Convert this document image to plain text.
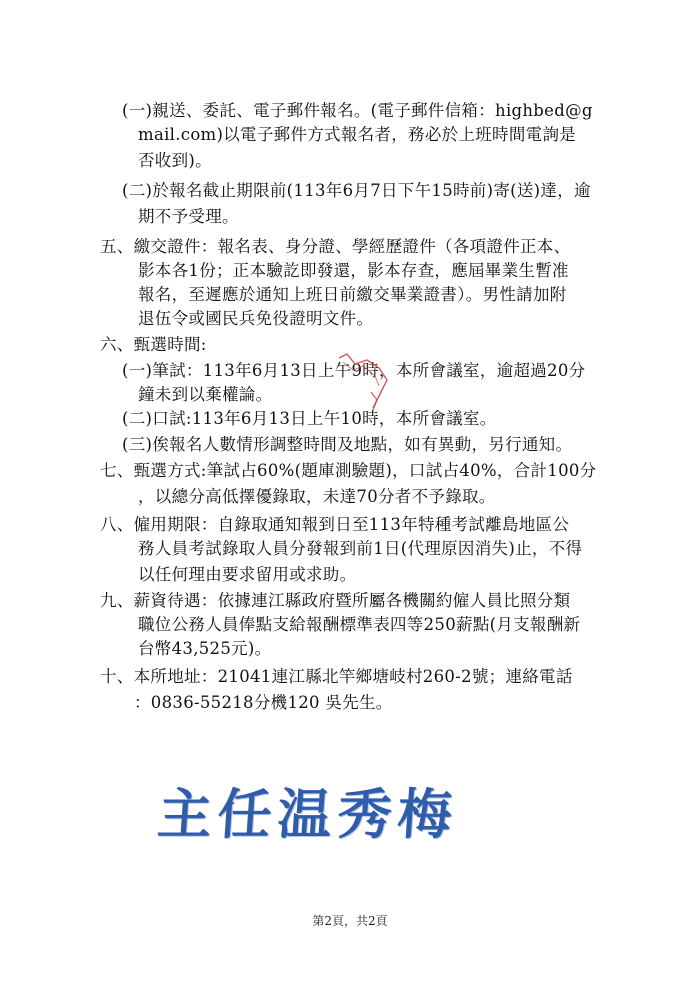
(一)親送、委託、電子郵件報名。(電子郵件信箱：highbed@g
mail.com)以電子郵件方式報名者，務必於上班時間電詢是
否收到)。
(二)於報名截止期限前(113年6月7日下午15時前)寄(送)達，逾
期不予受理。
五、繳交證件：報名表、身分證、學經歷證件（各項證件正本、
影本各1份；正本驗訖即發還，影本存查，應屆畢業生暫准
報名，至遲應於通知上班日前繳交畢業證書）。男性請加附
退伍令或國民兵免役證明文件。
六、甄選時間:
(一)筆試：113年6月13日上午9時，本所會議室，逾超過20分
鐘未到以棄權論。
(二)口試:113年6月13日上午10時，本所會議室。
(三)俟報名人數情形調整時間及地點，如有異動，另行通知。
七、甄選方式:筆試占60%(題庫測驗題)，口試占40%，合計100分
，以總分高低擇優錄取，未達70分者不予錄取。
八、僱用期限：自錄取通知報到日至113年特種考試離島地區公
務人員考試錄取人員分發報到前1日(代理原因消失)止，不得
以任何理由要求留用或求助。
九、薪資待遇：依據連江縣政府暨所屬各機關約僱人員比照分類
職位公務人員俸點支給報酬標準表四等250薪點(月支報酬新
台幣43,525元)。
十、本所地址：21041連江縣北竿鄉塘岐村260-2號；連絡電話
：0836-55218分機120 吳先生。
主任温秀梅
第2頁，共2頁
